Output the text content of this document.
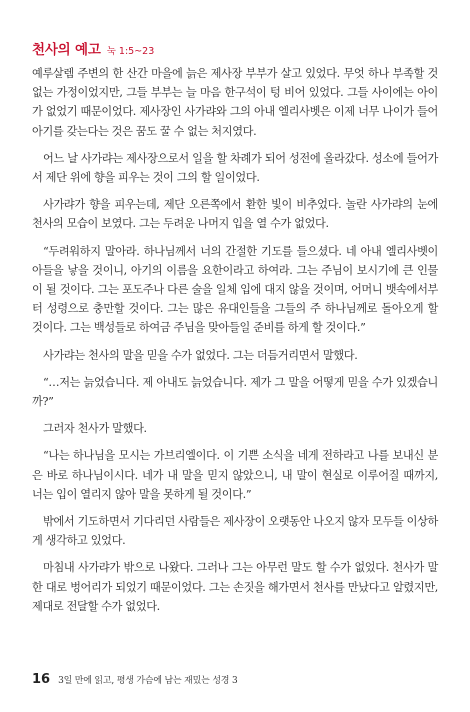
천사의 예고 눅 1:5~23

예루살렘 주변의 한 산간 마을에 늙은 제사장 부부가 살고 있었다. 무엇 하나 부족할 것 없는 가정이었지만, 그들 부부는 늘 마음 한구석이 텅 비어 있었다. 그들 사이에는 아이가 없었기 때문이었다. 제사장인 사가랴와 그의 아내 엘리사벳은 이제 너무 나이가 들어 아기를 갖는다는 것은 꿈도 꿀 수 없는 처지였다.

어느 날 사가랴는 제사장으로서 일을 할 차례가 되어 성전에 올라갔다. 성소에 들어가서 제단 위에 향을 피우는 것이 그의 할 일이었다.

사가랴가 향을 피우는데, 제단 오른쪽에서 환한 빛이 비추었다. 놀란 사가랴의 눈에 천사의 모습이 보였다. 그는 두려운 나머지 입을 열 수가 없었다.

“두려워하지 말아라. 하나님께서 너의 간절한 기도를 들으셨다. 네 아내 엘리사벳이 아들을 낳을 것이니, 아기의 이름을 요한이라고 하여라. 그는 주님이 보시기에 큰 인물이 될 것이다. 그는 포도주나 다른 술을 일체 입에 대지 않을 것이며, 어머니 뱃속에서부터 성령으로 충만할 것이다. 그는 많은 유대인들을 그들의 주 하나님께로 돌아오게 할 것이다. 그는 백성들로 하여금 주님을 맞아들일 준비를 하게 할 것이다.”

사가랴는 천사의 말을 믿을 수가 없었다. 그는 더듬거리면서 말했다.

“…저는 늙었습니다. 제 아내도 늙었습니다. 제가 그 말을 어떻게 믿을 수가 있겠습니까?”

그러자 천사가 말했다.

“나는 하나님을 모시는 가브리엘이다. 이 기쁜 소식을 네게 전하라고 나를 보내신 분은 바로 하나님이시다. 네가 내 말을 믿지 않았으니, 내 말이 현실로 이루어질 때까지, 너는 입이 열리지 않아 말을 못하게 될 것이다.”

밖에서 기도하면서 기다리던 사람들은 제사장이 오랫동안 나오지 않자 모두들 이상하게 생각하고 있었다.

마침내 사가랴가 밖으로 나왔다. 그러나 그는 아무런 말도 할 수가 없었다. 천사가 말한 대로 벙어리가 되었기 때문이었다. 그는 손짓을 해가면서 천사를 만났다고 알렸지만, 제대로 전달할 수가 없었다.

16 3일 만에 읽고, 평생 가슴에 남는 재밌는 성경 3
